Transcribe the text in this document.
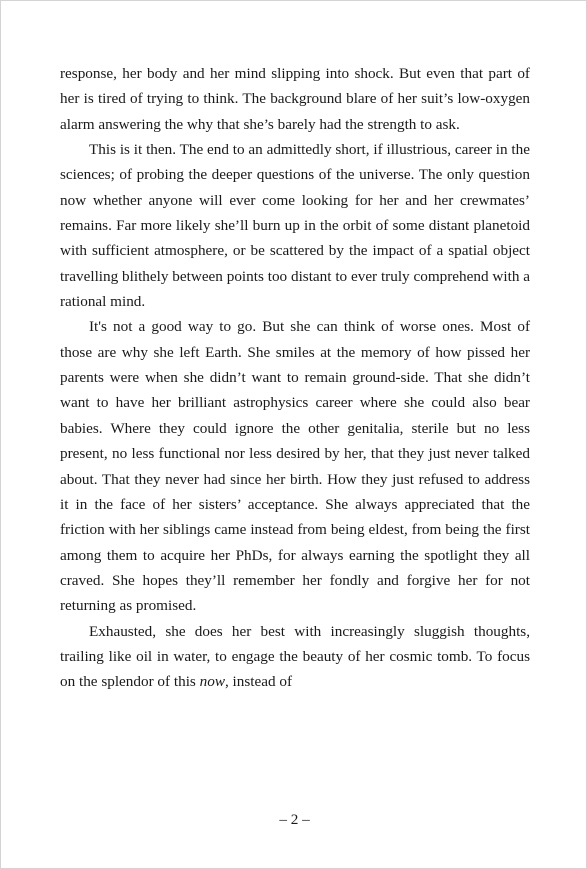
response, her body and her mind slipping into shock. But even that part of her is tired of trying to think. The background blare of her suit’s low-oxygen alarm answering the why that she’s barely had the strength to ask.

This is it then. The end to an admittedly short, if illustrious, career in the sciences; of probing the deeper questions of the universe. The only question now whether anyone will ever come looking for her and her crewmates’ remains. Far more likely she’ll burn up in the orbit of some distant planetoid with sufficient atmosphere, or be scattered by the impact of a spatial object travelling blithely between points too distant to ever truly comprehend with a rational mind.

It's not a good way to go. But she can think of worse ones. Most of those are why she left Earth. She smiles at the memory of how pissed her parents were when she didn’t want to remain ground-side. That she didn’t want to have her brilliant astrophysics career where she could also bear babies. Where they could ignore the other genitalia, sterile but no less present, no less functional nor less desired by her, that they just never talked about. That they never had since her birth. How they just refused to address it in the face of her sisters’ acceptance. She always appreciated that the friction with her siblings came instead from being eldest, from being the first among them to acquire her PhDs, for always earning the spotlight they all craved. She hopes they’ll remember her fondly and forgive her for not returning as promised.

Exhausted, she does her best with increasingly sluggish thoughts, trailing like oil in water, to engage the beauty of her cosmic tomb. To focus on the splendor of this now, instead of

– 2 –
